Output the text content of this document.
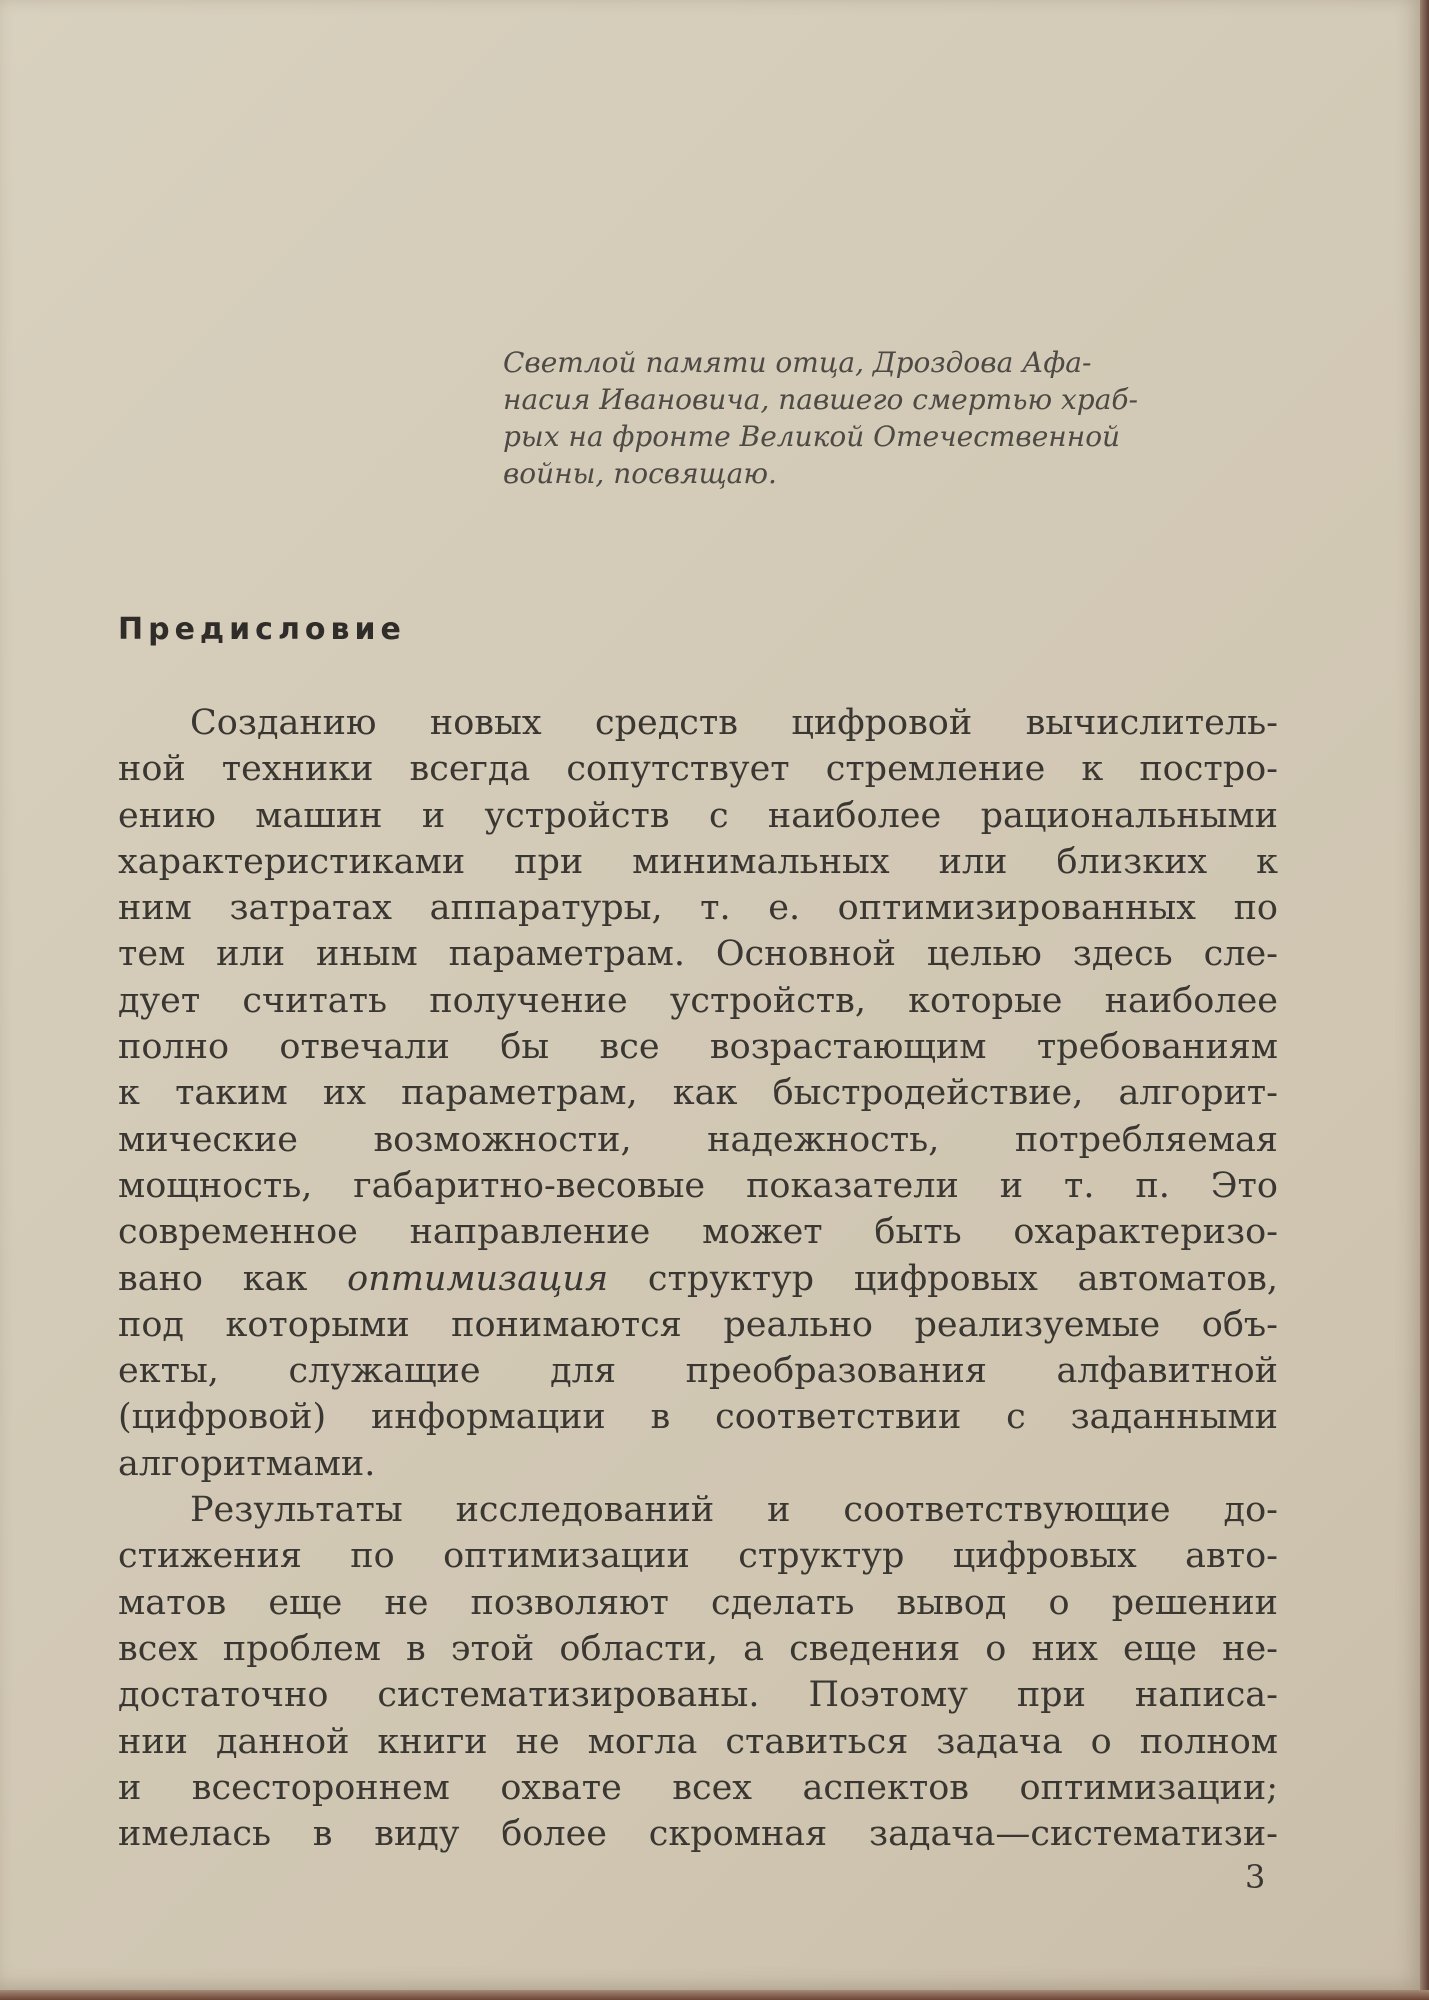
Светлой памяти отца, Дроздова Афа-
насия Ивановича, павшего смертью храб-
рых на фронте Великой Отечественной
войны, посвящаю.
Предисловие
Созданию новых средств цифровой вычислитель-
ной техники всегда сопутствует стремление к постро-
ению машин и устройств с наиболее рациональными
характеристиками при минимальных или близких к
ним затратах аппаратуры, т. е. оптимизированных по
тем или иным параметрам. Основной целью здесь сле-
дует считать получение устройств, которые наиболее
полно отвечали бы все возрастающим требованиям
к таким их параметрам, как быстродействие, алгорит-
мические возможности, надежность, потребляемая
мощность, габаритно-весовые показатели и т. п. Это
современное направление может быть охарактеризо-
вано как оптимизация структур цифровых автоматов,
под которыми понимаются реально реализуемые объ-
екты, служащие для преобразования алфавитной
(цифровой) информации в соответствии с заданными
алгоритмами.
Результаты исследований и соответствующие до-
стижения по оптимизации структур цифровых авто-
матов еще не позволяют сделать вывод о решении
всех проблем в этой области, а сведения о них еще не-
достаточно систематизированы. Поэтому при написа-
нии данной книги не могла ставиться задача о полном
и всестороннем охвате всех аспектов оптимизации;
имелась в виду более скромная задача—систематизи-
3
